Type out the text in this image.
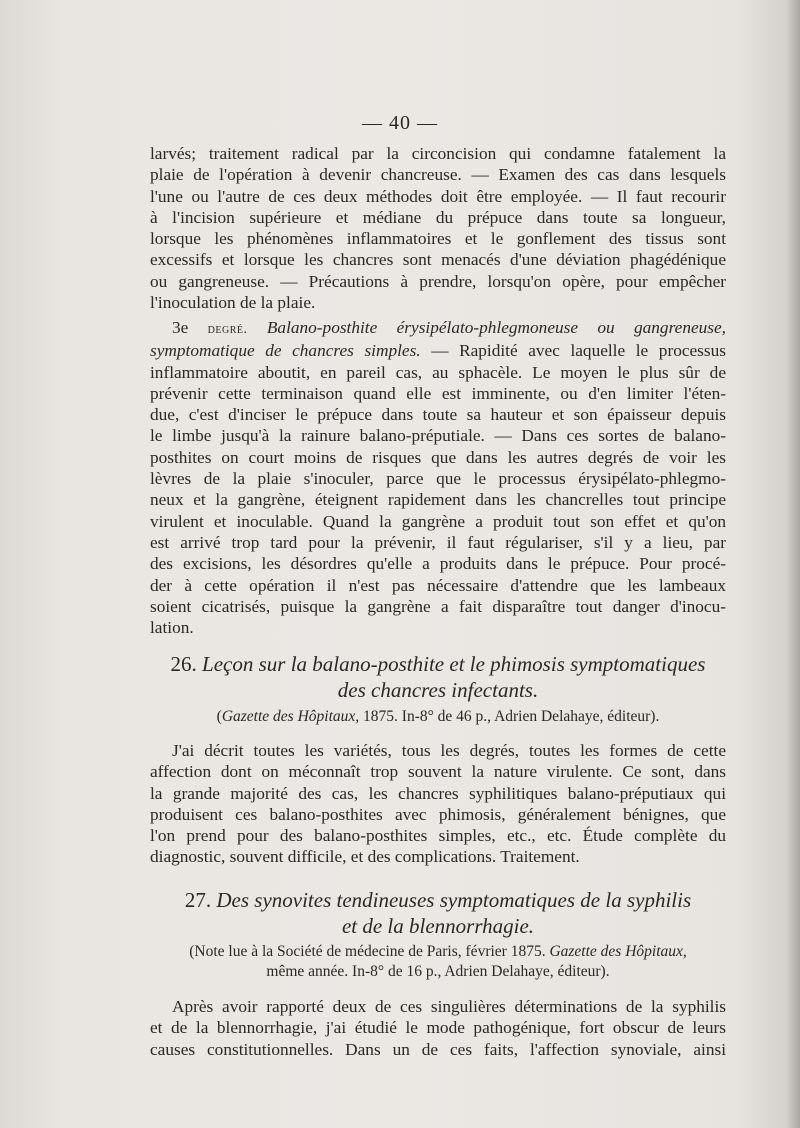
— 40 —
larvés; traitement radical par la circoncision qui condamne fatalement la
plaie de l'opération à devenir chancreuse. — Examen des cas dans lesquels
l'une ou l'autre de ces deux méthodes doit être employée. — Il faut recourir
à l'incision supérieure et médiane du prépuce dans toute sa longueur,
lorsque les phénomènes inflammatoires et le gonflement des tissus sont
excessifs et lorsque les chancres sont menacés d'une déviation phagédénique
ou gangreneuse. — Précautions à prendre, lorsqu'on opère, pour empêcher
l'inoculation de la plaie.
3e degré. Balano-posthite érysipélato-phlegmoneuse ou gangreneuse,
symptomatique de chancres simples. — Rapidité avec laquelle le processus
inflammatoire aboutit, en pareil cas, au sphacèle. Le moyen le plus sûr de
prévenir cette terminaison quand elle est imminente, ou d'en limiter l'éten-
due, c'est d'inciser le prépuce dans toute sa hauteur et son épaisseur depuis
le limbe jusqu'à la rainure balano-préputiale. — Dans ces sortes de balano-
posthites on court moins de risques que dans les autres degrés de voir les
lèvres de la plaie s'inoculer, parce que le processus érysipélato-phlegmo-
neux et la gangrène, éteignent rapidement dans les chancrelles tout principe
virulent et inoculable. Quand la gangrène a produit tout son effet et qu'on
est arrivé trop tard pour la prévenir, il faut régulariser, s'il y a lieu, par
des excisions, les désordres qu'elle a produits dans le prépuce. Pour procé-
der à cette opération il n'est pas nécessaire d'attendre que les lambeaux
soient cicatrisés, puisque la gangrène a fait disparaître tout danger d'inocu-
lation.
26. Leçon sur la balano-posthite et le phimosis symptomatiques
des chancres infectants.
(Gazette des Hôpitaux, 1875. In-8° de 46 p., Adrien Delahaye, éditeur).
J'ai décrit toutes les variétés, tous les degrés, toutes les formes de cette
affection dont on méconnaît trop souvent la nature virulente. Ce sont, dans
la grande majorité des cas, les chancres syphilitiques balano-préputiaux qui
produisent ces balano-posthites avec phimosis, généralement bénignes, que
l'on prend pour des balano-posthites simples, etc., etc. Étude complète du
diagnostic, souvent difficile, et des complications. Traitement.
27. Des synovites tendineuses symptomatiques de la syphilis
et de la blennorrhagie.
(Note lue à la Société de médecine de Paris, février 1875. Gazette des Hôpitaux,
même année. In-8° de 16 p., Adrien Delahaye, éditeur).
Après avoir rapporté deux de ces singulières déterminations de la syphilis
et de la blennorrhagie, j'ai étudié le mode pathogénique, fort obscur de leurs
causes constitutionnelles. Dans un de ces faits, l'affection synoviale, ainsi
